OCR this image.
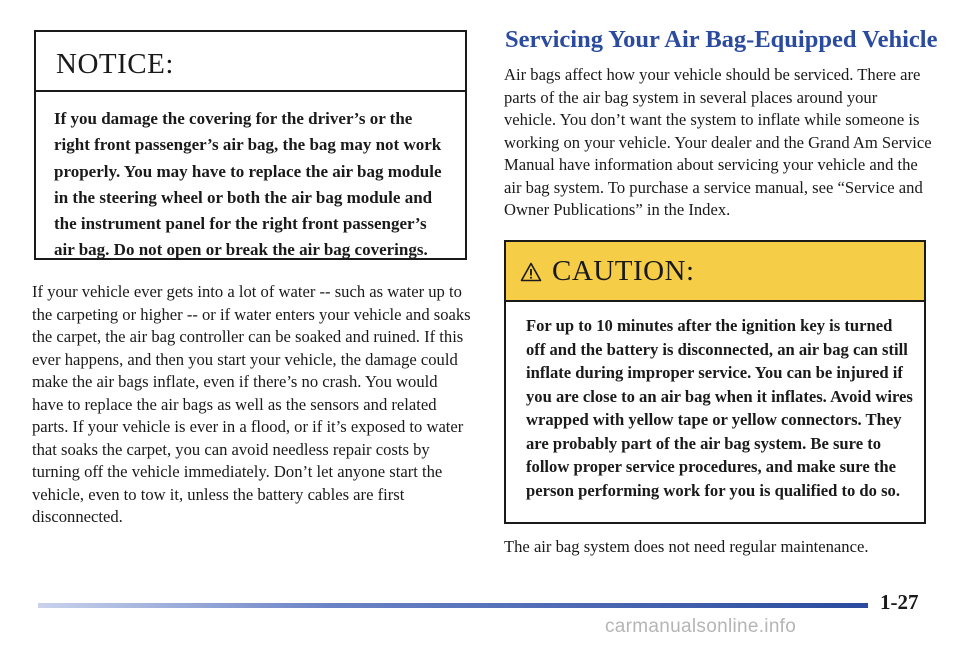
NOTICE:
If you damage the covering for the driver’s or the right front passenger’s air bag, the bag may not work properly. You may have to replace the air bag module in the steering wheel or both the air bag module and the instrument panel for the right front passenger’s air bag. Do not open or break the air bag coverings.
If your vehicle ever gets into a lot of water -- such as water up to the carpeting or higher -- or if water enters your vehicle and soaks the carpet, the air bag controller can be soaked and ruined. If this ever happens, and then you start your vehicle, the damage could make the air bags inflate, even if there’s no crash. You would have to replace the air bags as well as the sensors and related parts. If your vehicle is ever in a flood, or if it’s exposed to water that soaks the carpet, you can avoid needless repair costs by turning off the vehicle immediately. Don’t let anyone start the vehicle, even to tow it, unless the battery cables are first disconnected.
Servicing Your Air Bag-Equipped Vehicle
Air bags affect how your vehicle should be serviced. There are parts of the air bag system in several places around your vehicle. You don’t want the system to inflate while someone is working on your vehicle. Your dealer and the Grand Am Service Manual have information about servicing your vehicle and the air bag system. To purchase a service manual, see “Service and Owner Publications” in the Index.
CAUTION:
For up to 10 minutes after the ignition key is turned off and the battery is disconnected, an air bag can still inflate during improper service. You can be injured if you are close to an air bag when it inflates. Avoid wires wrapped with yellow tape or yellow connectors. They are probably part of the air bag system. Be sure to follow proper service procedures, and make sure the person performing work for you is qualified to do so.
The air bag system does not need regular maintenance.
1-27
carmanualsonline.info
